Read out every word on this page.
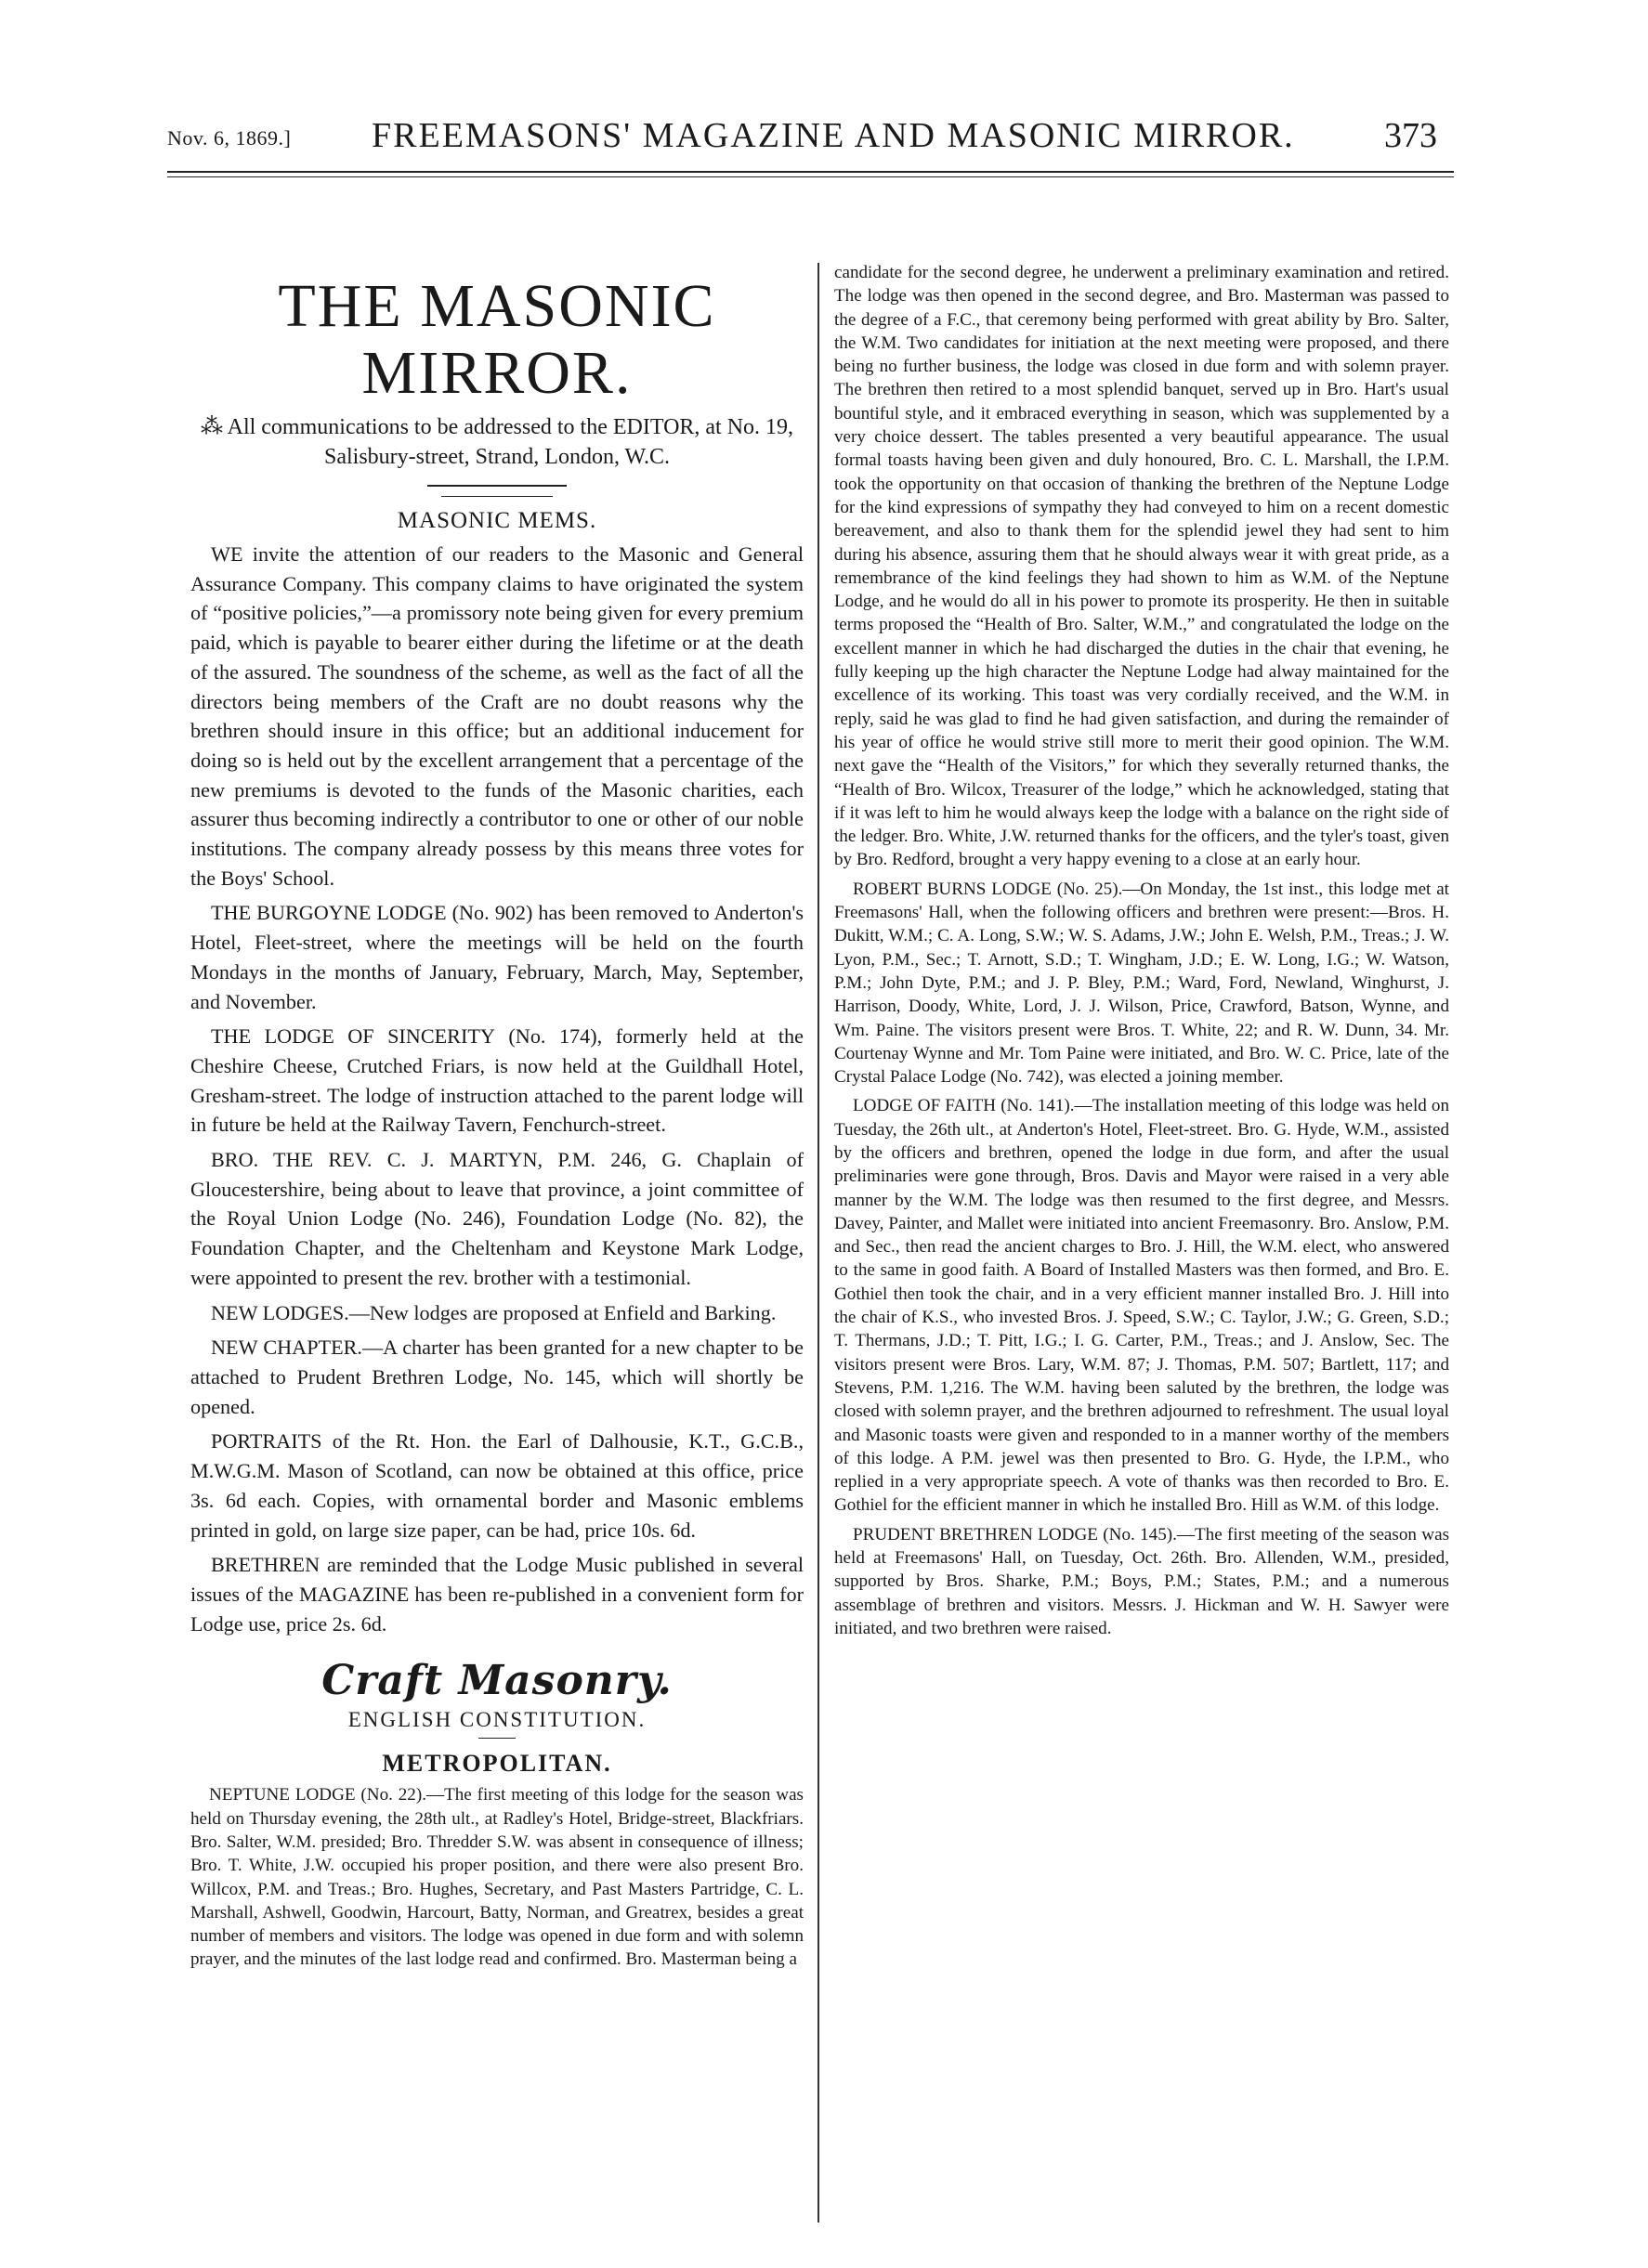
Nov. 6, 1869.] FREEMASONS' MAGAZINE AND MASONIC MIRROR.	373
THE MASONIC MIRROR.
⁂ All communications to be addressed to the EDITOR, at No. 19, Salisbury-street, Strand, London, W.C.
MASONIC MEMS.

WE invite the attention of our readers to the Masonic and General Assurance Company. This company claims to have originated the system of “positive policies,”—a promissory note being given for every premium paid, which is payable to bearer either during the lifetime or at the death of the assured. The soundness of the scheme, as well as the fact of all the directors being members of the Craft are no doubt reasons why the brethren should insure in this office; but an additional inducement for doing so is held out by the excellent arrangement that a percentage of the new premiums is devoted to the funds of the Masonic charities, each assurer thus becoming indirectly a contributor to one or other of our noble institutions. The company already possess by this means three votes for the Boys' School.

THE BURGOYNE LODGE (No. 902) has been removed to Anderton's Hotel, Fleet-street, where the meetings will be held on the fourth Mondays in the months of January, February, March, May, September, and November.

THE LODGE OF SINCERITY (No. 174), formerly held at the Cheshire Cheese, Crutched Friars, is now held at the Guildhall Hotel, Gresham-street. The lodge of instruction attached to the parent lodge will in future be held at the Railway Tavern, Fenchurch-street.

BRO. THE REV. C. J. MARTYN, P.M. 246, G. Chaplain of Gloucestershire, being about to leave that province, a joint committee of the Royal Union Lodge (No. 246), Foundation Lodge (No. 82), the Foundation Chapter, and the Cheltenham and Keystone Mark Lodge, were appointed to present the rev. brother with a testimonial.

NEW LODGES.—New lodges are proposed at Enfield and Barking.

NEW CHAPTER.—A charter has been granted for a new chapter to be attached to Prudent Brethren Lodge, No. 145, which will shortly be opened.

PORTRAITS of the Rt. Hon. the Earl of Dalhousie, K.T., G.C.B., M.W.G.M. Mason of Scotland, can now be obtained at this office, price 3s. 6d each. Copies, with ornamental border and Masonic emblems printed in gold, on large size paper, can be had, price 10s. 6d.

BRETHREN are reminded that the Lodge Music published in several issues of the MAGAZINE has been re-published in a convenient form for Lodge use, price 2s. 6d.

Craft Masonry.
ENGLISH CONSTITUTION.
METROPOLITAN.

NEPTUNE LODGE (No. 22).—The first meeting of this lodge for the season was held on Thursday evening, the 28th ult., at Radley's Hotel, Bridge-street, Blackfriars. Bro. Salter, W.M. presided; Bro. Thredder S.W. was absent in consequence of illness; Bro. T. White, J.W. occupied his proper position, and there were also present Bro. Willcox, P.M. and Treas.; Bro. Hughes, Secretary, and Past Masters Partridge, C. L. Marshall, Ashwell, Goodwin, Harcourt, Batty, Norman, and Greatrex, besides a great number of members and visitors. The lodge was opened in due form and with solemn prayer, and the minutes of the last lodge read and confirmed. Bro. Masterman being a

candidate for the second degree, he underwent a preliminary examination and retired. The lodge was then opened in the second degree, and Bro. Masterman was passed to the degree of a F.C., that ceremony being performed with great ability by Bro. Salter, the W.M. Two candidates for initiation at the next meeting were proposed, and there being no further business, the lodge was closed in due form and with solemn prayer. The brethren then retired to a most splendid banquet, served up in Bro. Hart's usual bountiful style, and it embraced everything in season, which was supplemented by a very choice dessert. The tables presented a very beautiful appearance. The usual formal toasts having been given and duly honoured, Bro. C. L. Marshall, the I.P.M. took the opportunity on that occasion of thanking the brethren of the Neptune Lodge for the kind expressions of sympathy they had conveyed to him on a recent domestic bereavement, and also to thank them for the splendid jewel they had sent to him during his absence, assuring them that he should always wear it with great pride, as a remembrance of the kind feelings they had shown to him as W.M. of the Neptune Lodge, and he would do all in his power to promote its prosperity. He then in suitable terms proposed the “Health of Bro. Salter, W.M.,” and congratulated the lodge on the excellent manner in which he had discharged the duties in the chair that evening, he fully keeping up the high character the Neptune Lodge had alway maintained for the excellence of its working. This toast was very cordially received, and the W.M. in reply, said he was glad to find he had given satisfaction, and during the remainder of his year of office he would strive still more to merit their good opinion. The W.M. next gave the “Health of the Visitors,” for which they severally returned thanks, the “Health of Bro. Wilcox, Treasurer of the lodge,” which he acknowledged, stating that if it was left to him he would always keep the lodge with a balance on the right side of the ledger. Bro. White, J.W. returned thanks for the officers, and the tyler's toast, given by Bro. Redford, brought a very happy evening to a close at an early hour.

ROBERT BURNS LODGE (No. 25).—On Monday, the 1st inst., this lodge met at Freemasons' Hall, when the following officers and brethren were present:—Bros. H. Dukitt, W.M.; C. A. Long, S.W.; W. S. Adams, J.W.; John E. Welsh, P.M., Treas.; J. W. Lyon, P.M., Sec.; T. Arnott, S.D.; T. Wingham, J.D.; E. W. Long, I.G.; W. Watson, P.M.; John Dyte, P.M.; and J. P. Bley, P.M.; Ward, Ford, Newland, Winghurst, J. Harrison, Doody, White, Lord, J. J. Wilson, Price, Crawford, Batson, Wynne, and Wm. Paine. The visitors present were Bros. T. White, 22; and R. W. Dunn, 34. Mr. Courtenay Wynne and Mr. Tom Paine were initiated, and Bro. W. C. Price, late of the Crystal Palace Lodge (No. 742), was elected a joining member.

LODGE OF FAITH (No. 141).—The installation meeting of this lodge was held on Tuesday, the 26th ult., at Anderton's Hotel, Fleet-street. Bro. G. Hyde, W.M., assisted by the officers and brethren, opened the lodge in due form, and after the usual preliminaries were gone through, Bros. Davis and Mayor were raised in a very able manner by the W.M. The lodge was then resumed to the first degree, and Messrs. Davey, Painter, and Mallet were initiated into ancient Freemasonry. Bro. Anslow, P.M. and Sec., then read the ancient charges to Bro. J. Hill, the W.M. elect, who answered to the same in good faith. A Board of Installed Masters was then formed, and Bro. E. Gothiel then took the chair, and in a very efficient manner installed Bro. J. Hill into the chair of K.S., who invested Bros. J. Speed, S.W.; C. Taylor, J.W.; G. Green, S.D.; T. Thermans, J.D.; T. Pitt, I.G.; I. G. Carter, P.M., Treas.; and J. Anslow, Sec. The visitors present were Bros. Lary, W.M. 87; J. Thomas, P.M. 507; Bartlett, 117; and Stevens, P.M. 1,216. The W.M. having been saluted by the brethren, the lodge was closed with solemn prayer, and the brethren adjourned to refreshment. The usual loyal and Masonic toasts were given and responded to in a manner worthy of the members of this lodge. A P.M. jewel was then presented to Bro. G. Hyde, the I.P.M., who replied in a very appropriate speech. A vote of thanks was then recorded to Bro. E. Gothiel for the efficient manner in which he installed Bro. Hill as W.M. of this lodge.

PRUDENT BRETHREN LODGE (No. 145).—The first meeting of the season was held at Freemasons' Hall, on Tuesday, Oct. 26th. Bro. Allenden, W.M., presided, supported by Bros. Sharke, P.M.; Boys, P.M.; States, P.M.; and a numerous assemblage of brethren and visitors. Messrs. J. Hickman and W. H. Sawyer were initiated, and two brethren were raised.
